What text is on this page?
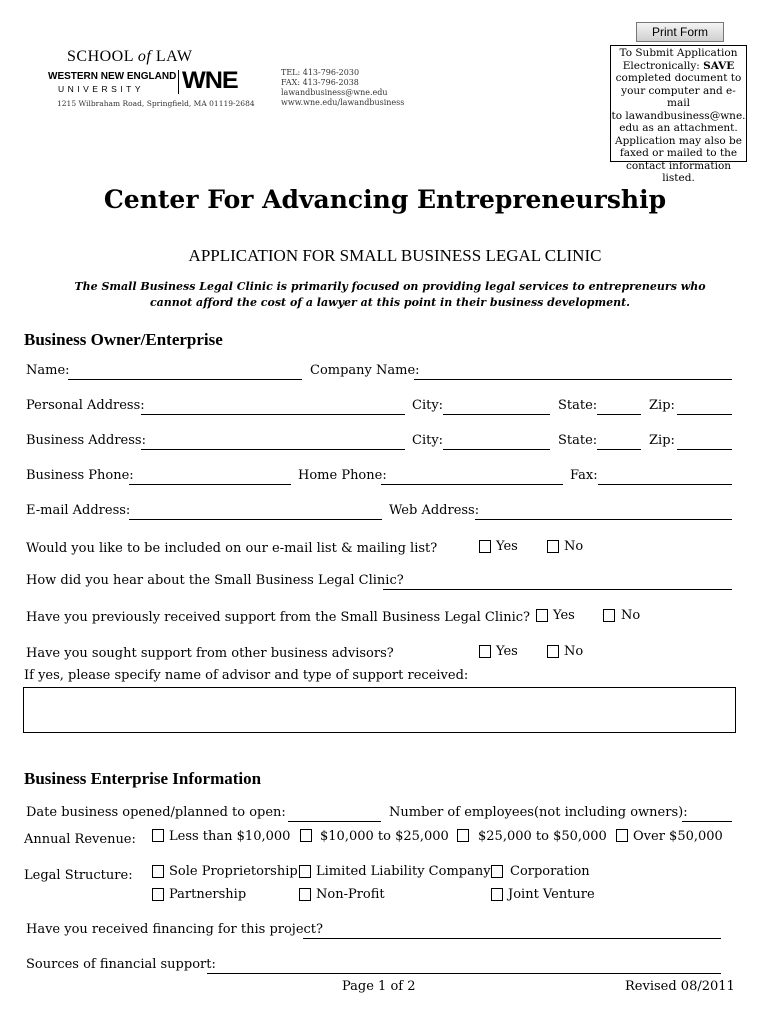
Print Form
To Submit Application
Electronically: SAVE
completed document to
your computer and e-mail
to lawandbusiness@wne.
edu as an attachment.
Application may also be
faxed or mailed to the
contact information listed.
SCHOOL of LAW
WESTERN NEW ENGLAND
UNIVERSITY WNE
1215 Wilbraham Road, Springfield, MA 01119-2684
TEL: 413-796-2030
FAX: 413-796-2038
lawandbusiness@wne.edu
www.wne.edu/lawandbusiness
Center For Advancing Entrepreneurship
APPLICATION FOR SMALL BUSINESS LEGAL CLINIC
The Small Business Legal Clinic is primarily focused on providing legal services to entrepreneurs who
cannot afford the cost of a lawyer at this point in their business development.
Business Owner/Enterprise
Name:	Company Name:
Personal Address:	City:	State:	Zip:
Business Address:	City:	State:	Zip:
Business Phone:	Home Phone:	Fax:
E-mail Address:	Web Address:
Would you like to be included on our e-mail list & mailing list?	Yes	No
How did you hear about the Small Business Legal Clinic?
Have you previously received support from the Small Business Legal Clinic? Yes	No
Have you sought support from other business advisors?	Yes	No
If yes, please specify name of advisor and type of support received:
Business Enterprise Information
Date business opened/planned to open:	Number of employees(not including owners):
Annual Revenue:	Less than $10,000 $10,000 to $25,000 $25,000 to $50,000 Over $50,000
Legal Structure:	Sole Proprietorship Limited Liability Company Corporation
Partnership	Non-Profit	Joint Venture
Have you received financing for this project?
Sources of financial support:
Page 1 of 2	Revised 08/2011
